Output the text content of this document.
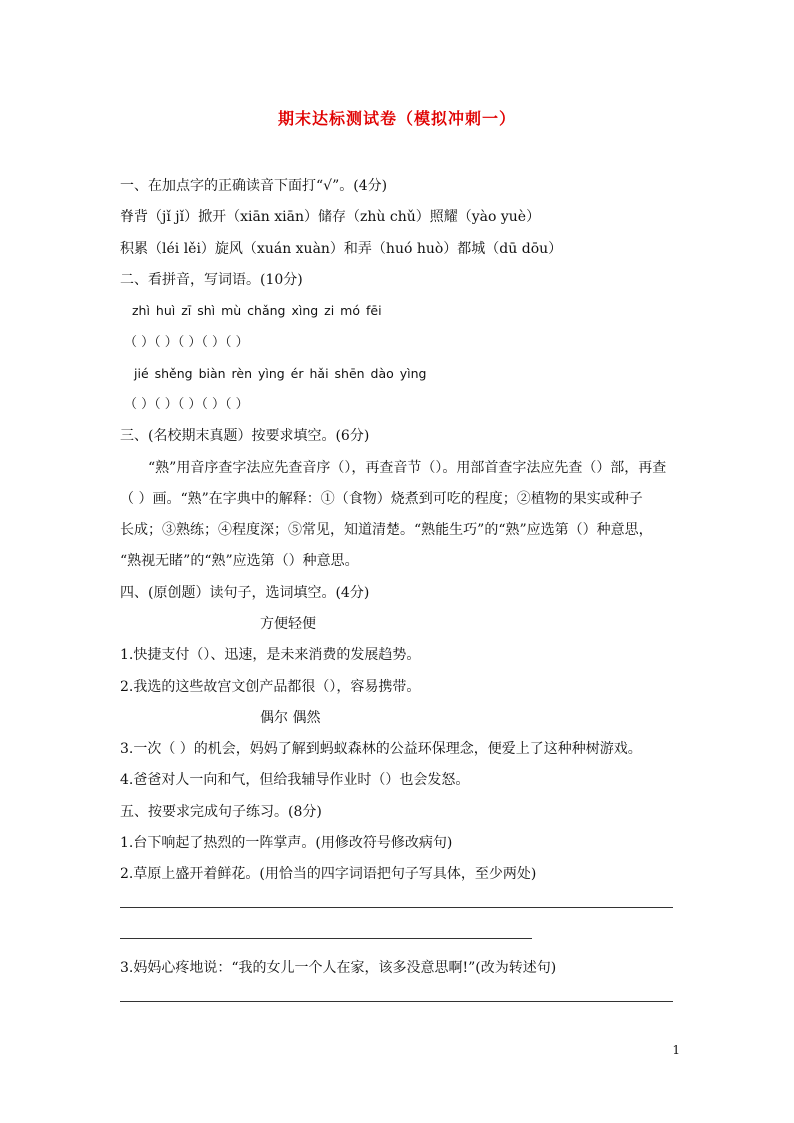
期末达标测试卷（模拟冲刺一）
一、在加点字的正确读音下面打“√”。(4分)
脊背（jǐ jǐ）掀开（xiān xiān）储存（zhù chǔ）照耀（yào yuè）
积累（léi lěi）旋风（xuán xuàn）和弄（huó huò）都城（dū dōu）
二、看拼音，写词语。(10分)
zhì huì zī shì mù chǎng xìng zi mó fēi
（ ）（ ）（ ）（ ）（ ）
jié shěng biàn rèn yìng ér hǎi shēn dào yìng
（ ）（ ）（ ）（ ）（ ）
三、(名校期末真题）按要求填空。(6分)
“熟”用音序查字法应先查音序（），再查音节（）。用部首查字法应先查（）部，再查
（ ）画。“熟”在字典中的解释：①（食物）烧煮到可吃的程度；②植物的果实或种子
长成；③熟练；④程度深；⑤常见，知道清楚。“熟能生巧”的“熟”应选第（）种意思，
“熟视无睹”的“熟”应选第（）种意思。
四、(原创题）读句子，选词填空。(4分)
方便轻便
1.快捷支付（）、迅速，是未来消费的发展趋势。
2.我选的这些故宫文创产品都很（），容易携带。
偶尔 偶然
3.一次（ ）的机会，妈妈了解到蚂蚁森林的公益环保理念，便爱上了这种种树游戏。
4.爸爸对人一向和气，但给我辅导作业时（）也会发怒。
五、按要求完成句子练习。(8分)
1.台下响起了热烈的一阵掌声。(用修改符号修改病句)
2.草原上盛开着鲜花。(用恰当的四字词语把句子写具体，至少两处)
3.妈妈心疼地说：“我的女儿一个人在家，该多没意思啊!”(改为转述句)
1
